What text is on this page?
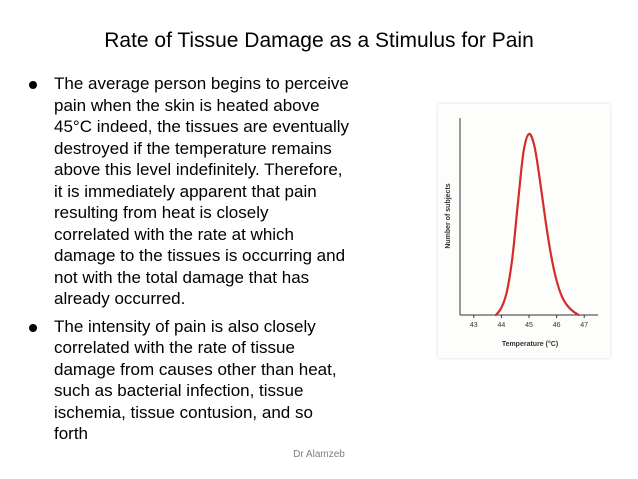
Rate of Tissue Damage as a Stimulus for Pain
The average person begins to perceive
pain when the skin is heated above
45°C indeed, the tissues are eventually
destroyed if the temperature remains
above this level indefinitely. Therefore,
it is immediately apparent that pain
resulting from heat is closely
correlated with the rate at which
damage to the tissues is occurring and
not with the total damage that has
already occurred.
The intensity of pain is also closely
correlated with the rate of tissue
damage from causes other than heat,
such as bacterial infection, tissue
ischemia, tissue contusion, and so
forth
43	44	45	46	47
Number of subjects
Temperature (°C)
Dr Alamzeb
